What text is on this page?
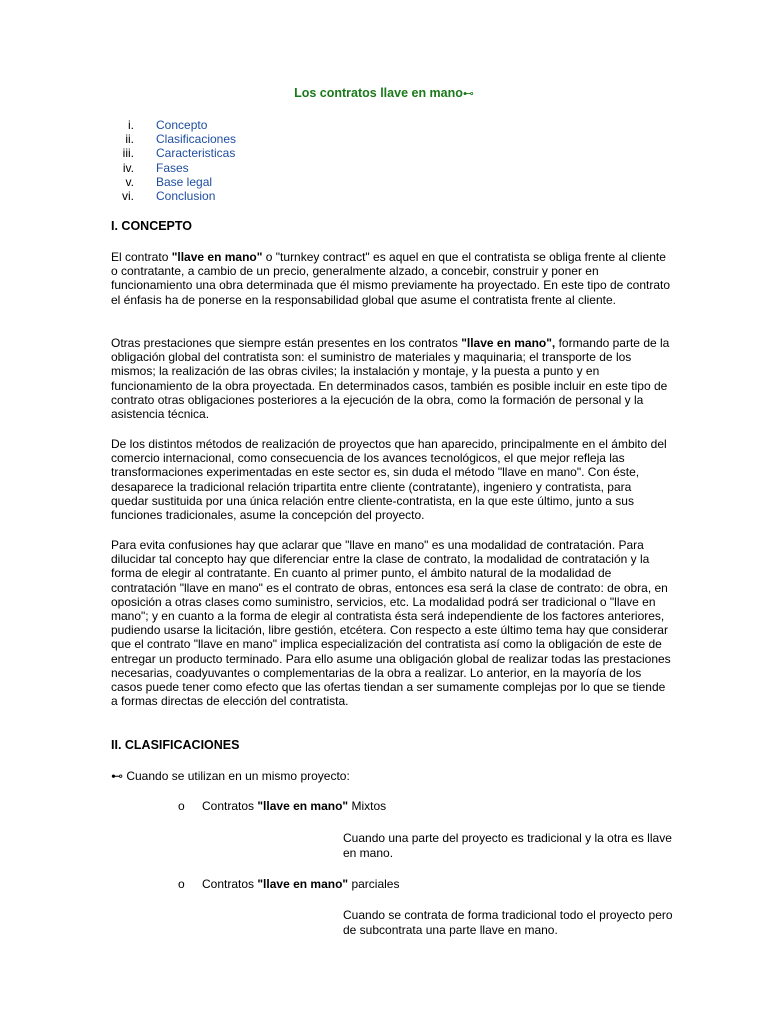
Los contratos llave en mano⊷
i. Concepto
ii. Clasificaciones
iii. Caracteristicas
iv. Fases
v. Base legal
vi. Conclusion
I. CONCEPTO

El contrato "llave en mano" o "turnkey contract" es aquel en que el contratista se obliga frente al cliente o contratante, a cambio de un precio, generalmente alzado, a concebir, construir y poner en funcionamiento una obra determinada que él mismo previamente ha proyectado. En este tipo de contrato el énfasis ha de ponerse en la responsabilidad global que asume el contratista frente al cliente.

Otras prestaciones que siempre están presentes en los contratos "llave en mano", formando parte de la obligación global del contratista son: el suministro de materiales y maquinaria; el transporte de los mismos; la realización de las obras civiles; la instalación y montaje, y la puesta a punto y en funcionamiento de la obra proyectada. En determinados casos, también es posible incluir en este tipo de contrato otras obligaciones posteriores a la ejecución de la obra, como la formación de personal y la asistencia técnica.

De los distintos métodos de realización de proyectos que han aparecido, principalmente en el ámbito del comercio internacional, como consecuencia de los avances tecnológicos, el que mejor refleja las transformaciones experimentadas en este sector es, sin duda el método "llave en mano". Con éste, desaparece la tradicional relación tripartita entre cliente (contratante), ingeniero y contratista, para quedar sustituida por una única relación entre cliente-contratista, en la que este último, junto a sus funciones tradicionales, asume la concepción del proyecto.

Para evita confusiones hay que aclarar que "llave en mano" es una modalidad de contratación. Para dilucidar tal concepto hay que diferenciar entre la clase de contrato, la modalidad de contratación y la forma de elegir al contratante. En cuanto al primer punto, el ámbito natural de la modalidad de contratación "llave en mano" es el contrato de obras, entonces esa será la clase de contrato: de obra, en oposición a otras clases como suministro, servicios, etc. La modalidad podrá ser tradicional o "llave en mano"; y en cuanto a la forma de elegir al contratista ésta será independiente de los factores anteriores, pudiendo usarse la licitación, libre gestión, etcétera. Con respecto a este último tema hay que considerar que el contrato "llave en mano" implica especialización del contratista así como la obligación de este de entregar un producto terminado. Para ello asume una obligación global de realizar todas las prestaciones necesarias, coadyuvantes o complementarias de la obra a realizar. Lo anterior, en la mayoría de los casos puede tener como efecto que las ofertas tiendan a ser sumamente complejas por lo que se tiende a formas directas de elección del contratista.

II. CLASIFICACIONES
⊷ Cuando se utilizan en un mismo proyecto:
o Contratos "llave en mano" Mixtos

Cuando una parte del proyecto es tradicional y la otra es llave en mano.

o Contratos "llave en mano" parciales

Cuando se contrata de forma tradicional todo el proyecto pero de subcontrata una parte llave en mano.
